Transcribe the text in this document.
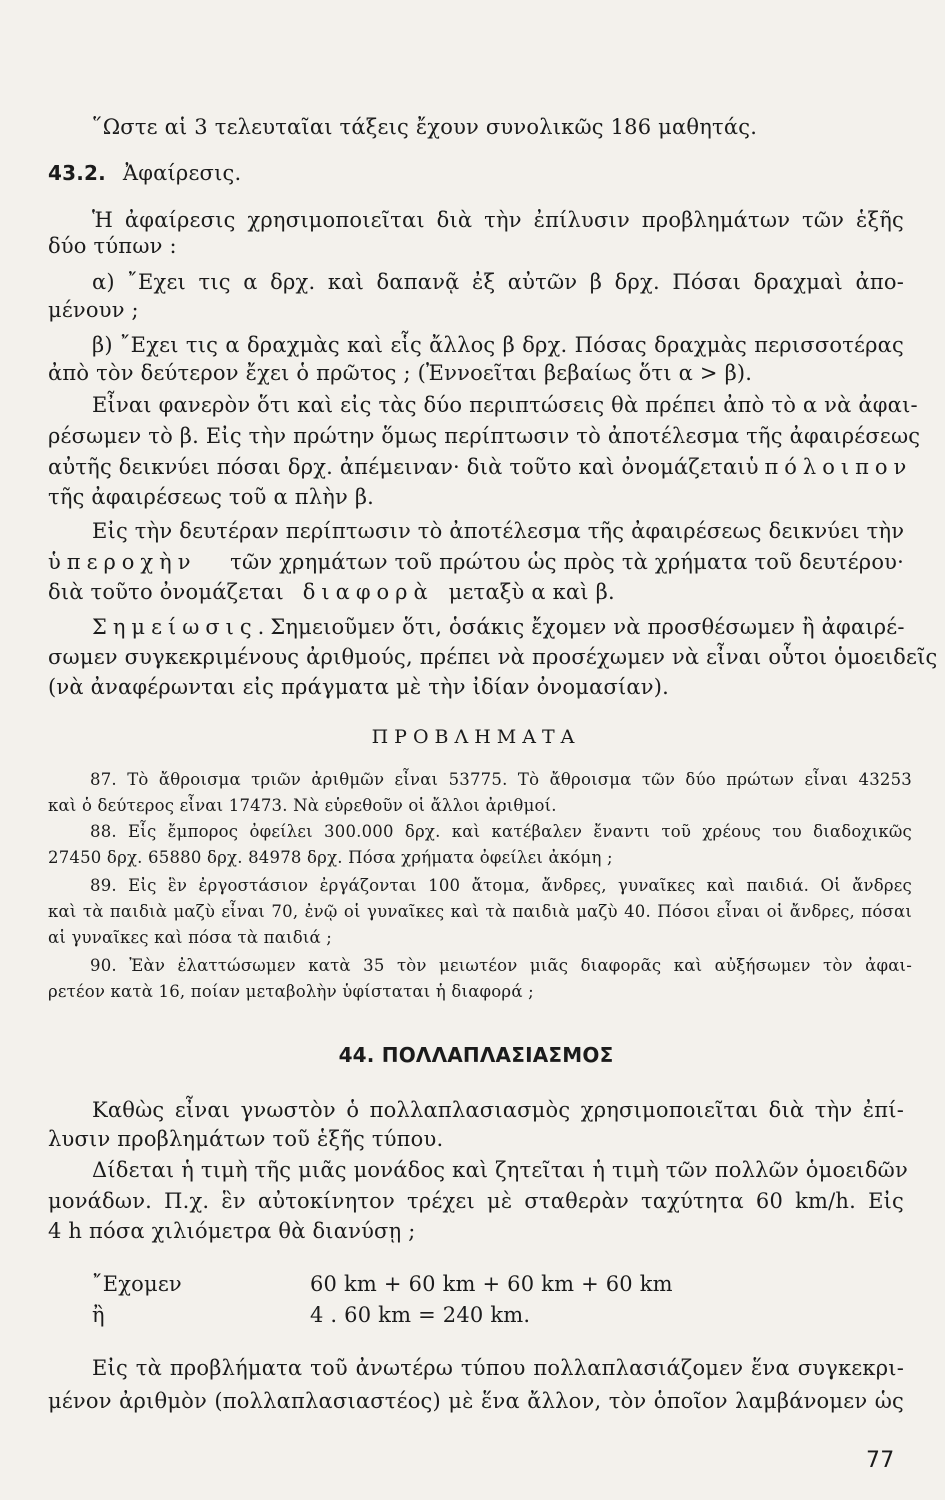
῞Ωστε αἱ 3 τελευταῖαι τάξεις ἔχουν συνολικῶς 186 μαθητάς.
43.2. Ἀφαίρεσις.
Ἡ ἀφαίρεσις χρησιμοποιεῖται διὰ τὴν ἐπίλυσιν προβλημάτων τῶν ἑξῆς
δύο τύπων :
α) ῎Εχει τις α δρχ. καὶ δαπανᾷ ἐξ αὐτῶν β δρχ. Πόσαι δραχμαὶ ἀπο-
μένουν ;
β) ῎Εχει τις α δραχμὰς καὶ εἷς ἄλλος β δρχ. Πόσας δραχμὰς περισσοτέρας
ἀπὸ τὸν δεύτερον ἔχει ὁ πρῶτος ; (Ἐννοεῖται βεβαίως ὅτι α > β).
Εἶναι φανερὸν ὅτι καὶ εἰς τὰς δύο περιπτώσεις θὰ πρέπει ἀπὸ τὸ α νὰ ἀφαι-
ρέσωμεν τὸ β. Εἰς τὴν πρώτην ὅμως περίπτωσιν τὸ ἀποτέλεσμα τῆς ἀφαιρέσεως
αὐτῆς δεικνύει πόσαι δρχ. ἀπέμειναν· διὰ τοῦτο καὶ ὀνομάζεται ὑπόλοιπον
τῆς ἀφαιρέσεως τοῦ α πλὴν β.
Εἰς τὴν δευτέραν περίπτωσιν τὸ ἀποτέλεσμα τῆς ἀφαιρέσεως δεικνύει τὴν
ὑπεροχὴν τῶν χρημάτων τοῦ πρώτου ὡς πρὸς τὰ χρήματα τοῦ δευτέρου·
διὰ τοῦτο ὀνομάζεται διαφορὰ μεταξὺ α καὶ β.
Σημείωσις. Σημειοῦμεν ὅτι, ὁσάκις ἔχομεν νὰ προσθέσωμεν ἢ ἀφαιρέ-
σωμεν συγκεκριμένους ἀριθμούς, πρέπει νὰ προσέχωμεν νὰ εἶναι οὗτοι ὁμοειδεῖς
(νὰ ἀναφέρωνται εἰς πράγματα μὲ τὴν ἰδίαν ὀνομασίαν).
ΠΡΟΒΛΗΜΑΤΑ
87. Τὸ ἄθροισμα τριῶν ἀριθμῶν εἶναι 53775. Τὸ ἄθροισμα τῶν δύο πρώτων εἶναι 43253
καὶ ὁ δεύτερος εἶναι 17473. Νὰ εὑρεθοῦν οἱ ἄλλοι ἀριθμοί.
88. Εἷς ἔμπορος ὀφείλει 300.000 δρχ. καὶ κατέβαλεν ἔναντι τοῦ χρέους του διαδοχικῶς
27450 δρχ. 65880 δρχ. 84978 δρχ. Πόσα χρήματα ὀφείλει ἀκόμη ;
89. Εἰς ἓν ἐργοστάσιον ἐργάζονται 100 ἄτομα, ἄνδρες, γυναῖκες καὶ παιδιά. Οἱ ἄνδρες
καὶ τὰ παιδιὰ μαζὺ εἶναι 70, ἐνῷ οἱ γυναῖκες καὶ τὰ παιδιὰ μαζὺ 40. Πόσοι εἶναι οἱ ἄνδρες, πόσαι
αἱ γυναῖκες καὶ πόσα τὰ παιδιά ;
90. Ἐὰν ἐλαττώσωμεν κατὰ 35 τὸν μειωτέον μιᾶς διαφορᾶς καὶ αὐξήσωμεν τὸν ἀφαι-
ρετέον κατὰ 16, ποίαν μεταβολὴν ὑφίσταται ἡ διαφορά ;
44. ΠΟΛΛΑΠΛΑΣΙΑΣΜΟΣ
Καθὼς εἶναι γνωστὸν ὁ πολλαπλασιασμὸς χρησιμοποιεῖται διὰ τὴν ἐπί-
λυσιν προβλημάτων τοῦ ἑξῆς τύπου.
Δίδεται ἡ τιμὴ τῆς μιᾶς μονάδος καὶ ζητεῖται ἡ τιμὴ τῶν πολλῶν ὁμοειδῶν
μονάδων. Π.χ. ἓν αὐτοκίνητον τρέχει μὲ σταθερὰν ταχύτητα 60 km/h. Εἰς
4 h πόσα χιλιόμετρα θὰ διανύσῃ ;
῎Εχομεν	60 km + 60 km + 60 km + 60 km
ἢ	4 . 60 km = 240 km.
Εἰς τὰ προβλήματα τοῦ ἀνωτέρω τύπου πολλαπλασιάζομεν ἕνα συγκεκρι-
μένον ἀριθμὸν (πολλαπλασιαστέος) μὲ ἕνα ἄλλον, τὸν ὁποῖον λαμβάνομεν ὡς
77
